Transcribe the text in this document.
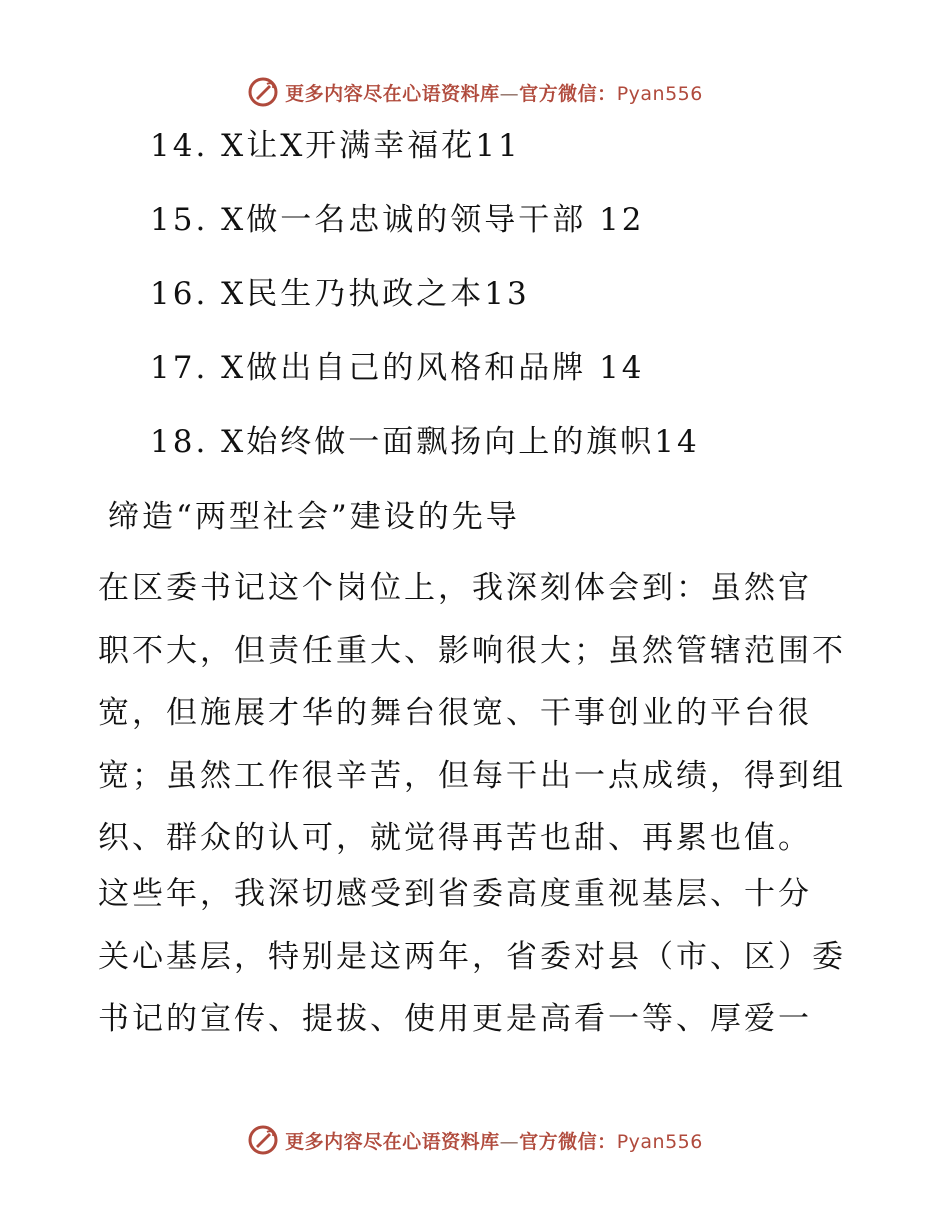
更多内容尽在心语资料库—官方微信：Pyan556
14. X让X开满幸福花11
15. X做一名忠诚的领导干部 12
16. X民生乃执政之本13
17. X做出自己的风格和品牌 14
18. X始终做一面飘扬向上的旗帜14
缔造“两型社会”建设的先导
在区委书记这个岗位上，我深刻体会到：虽然官
职不大，但责任重大、影响很大；虽然管辖范围不
宽，但施展才华的舞台很宽、干事创业的平台很
宽；虽然工作很辛苦，但每干出一点成绩，得到组
织、群众的认可，就觉得再苦也甜、再累也值。
这些年，我深切感受到省委高度重视基层、十分
关心基层，特别是这两年，省委对县（市、区）委
书记的宣传、提拔、使用更是高看一等、厚爱一
更多内容尽在心语资料库—官方微信：Pyan556
